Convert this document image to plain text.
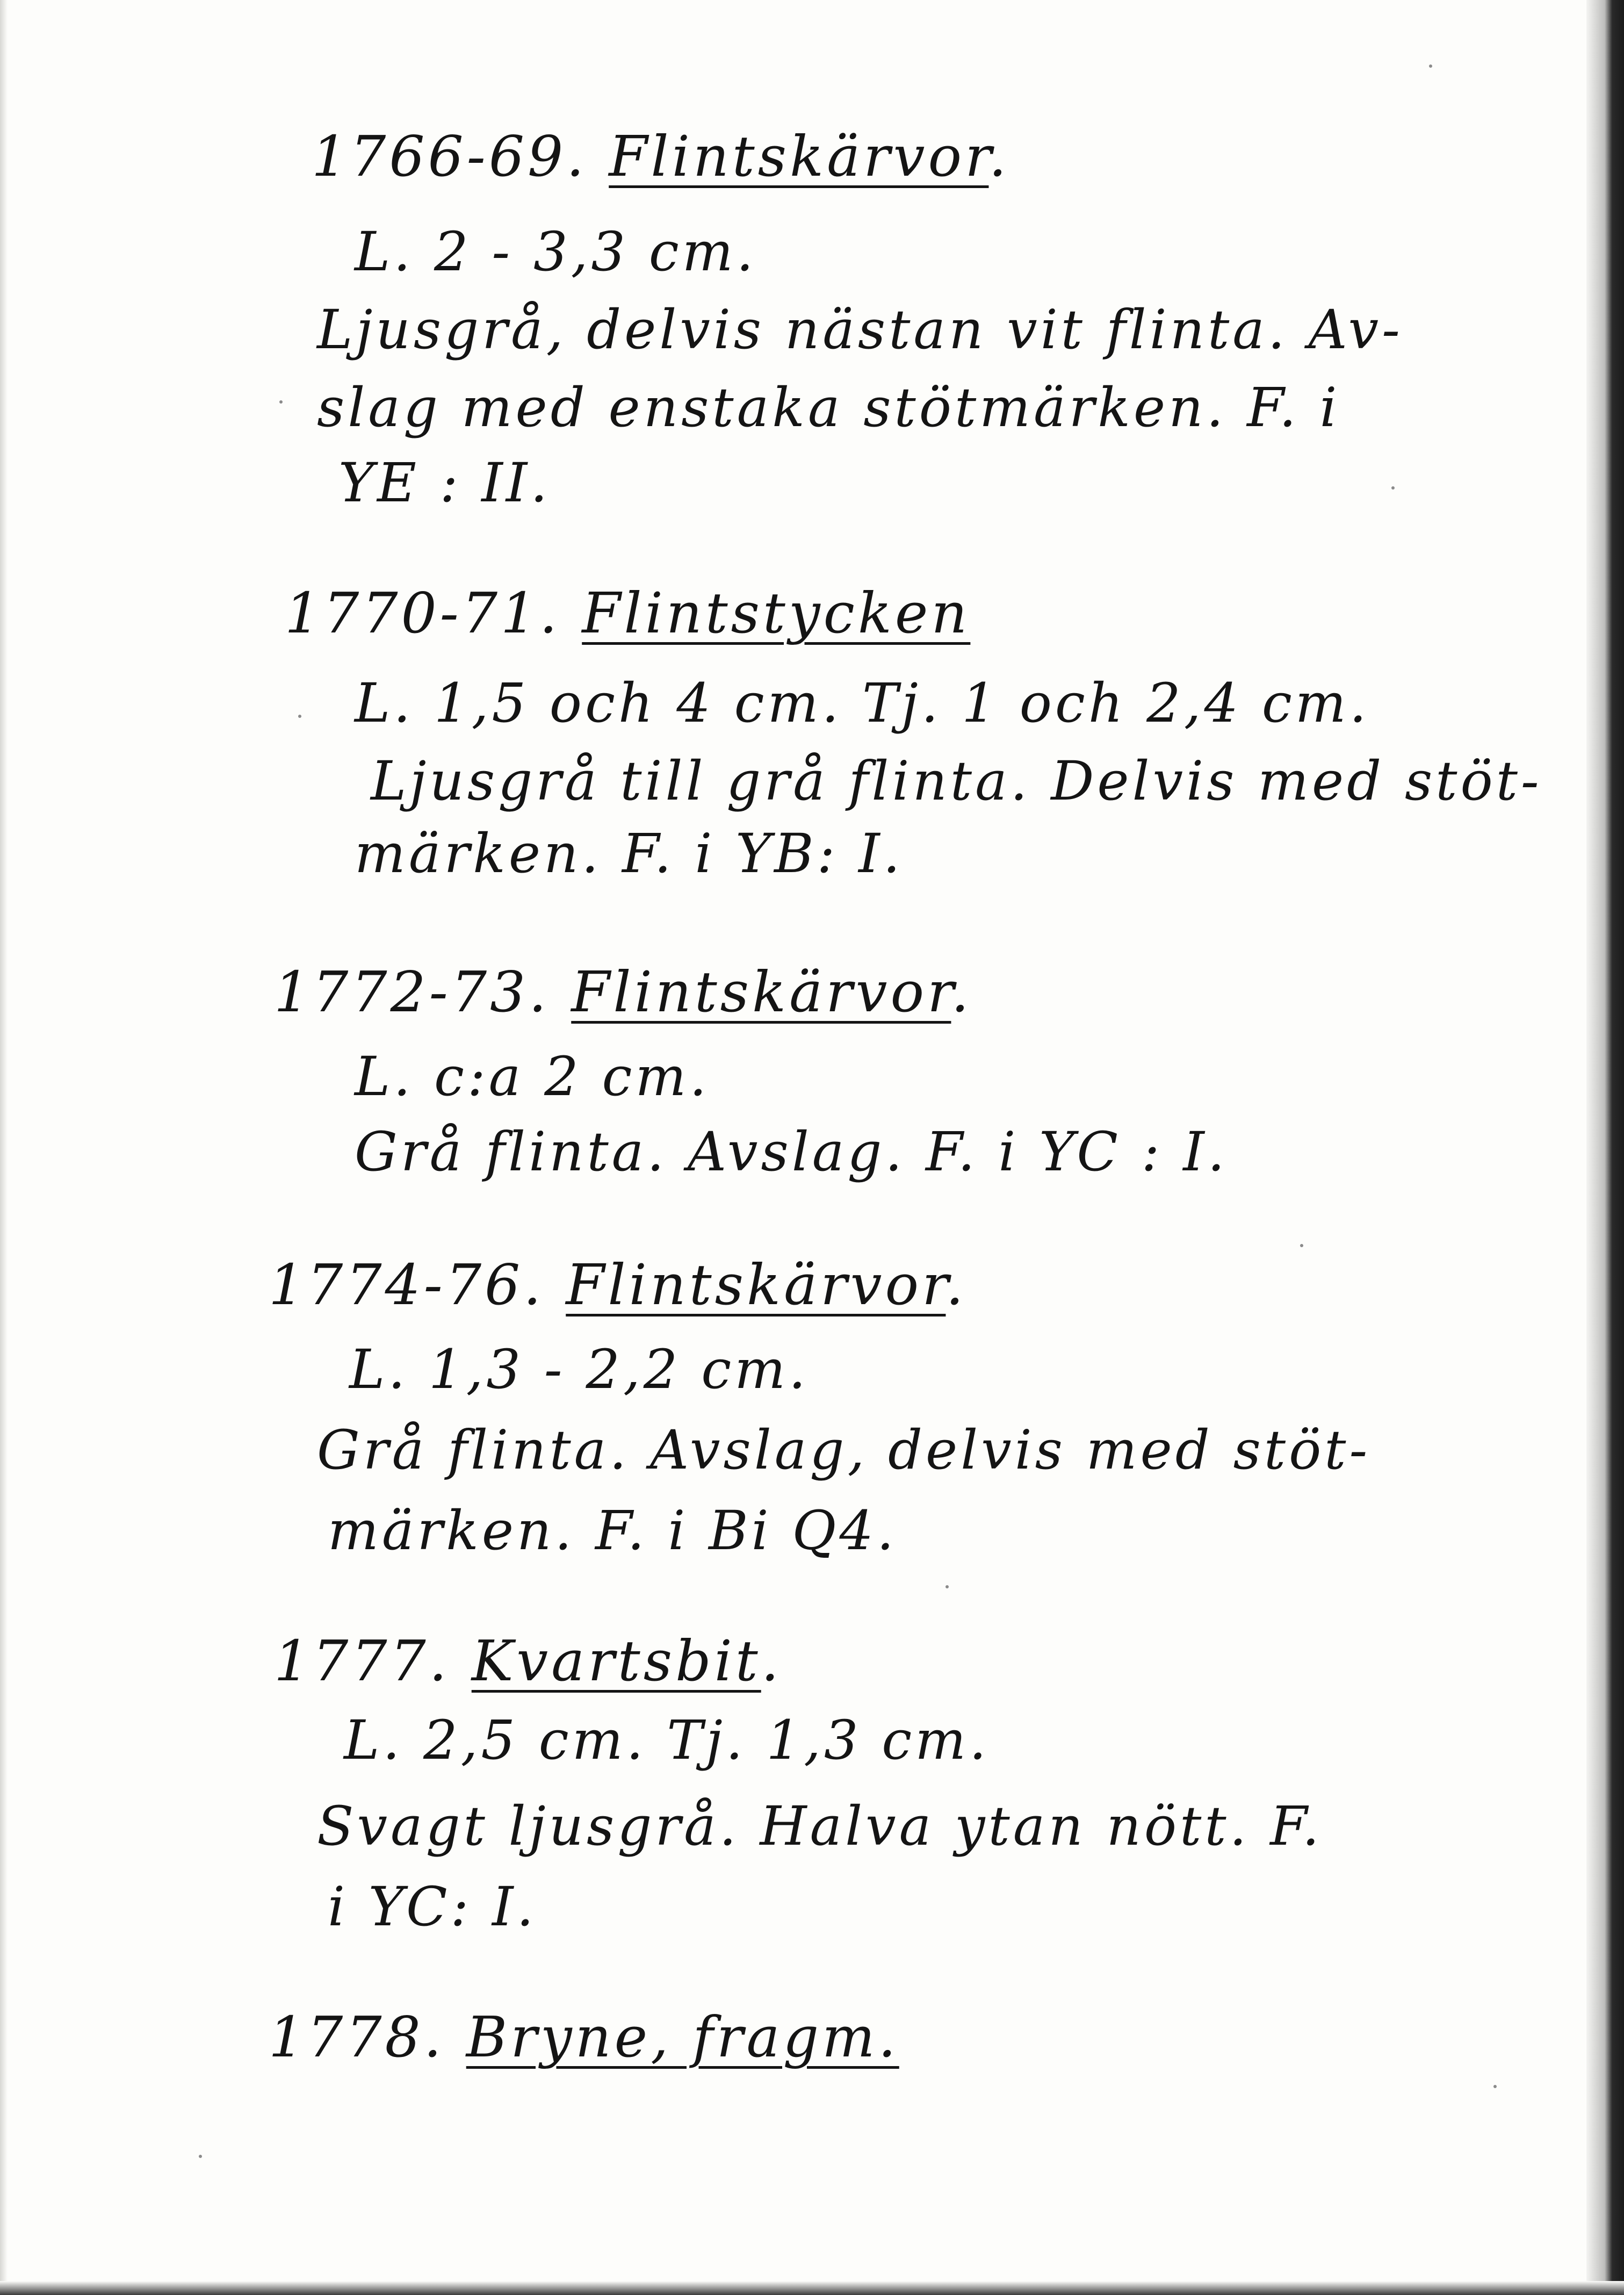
1766-69. Flintskärvor.
L. 2 - 3,3 cm.
Ljusgrå, delvis nästan vit flinta. Av-
slag med enstaka stötmärken. F. i
YE : II.
1770-71. Flintstycken
L. 1,5 och 4 cm. Tj. 1 och 2,4 cm.
Ljusgrå till grå flinta. Delvis med stöt-
märken. F. i YB: I.
1772-73. Flintskärvor.
L. c:a 2 cm.
Grå flinta. Avslag. F. i YC : I.
1774-76. Flintskärvor.
L. 1,3 - 2,2 cm.
Grå flinta. Avslag, delvis med stöt-
märken. F. i Bi Q4.
1777. Kvartsbit.
L. 2,5 cm. Tj. 1,3 cm.
Svagt ljusgrå. Halva ytan nött. F.
i YC: I.
1778. Brynе, fragm.
